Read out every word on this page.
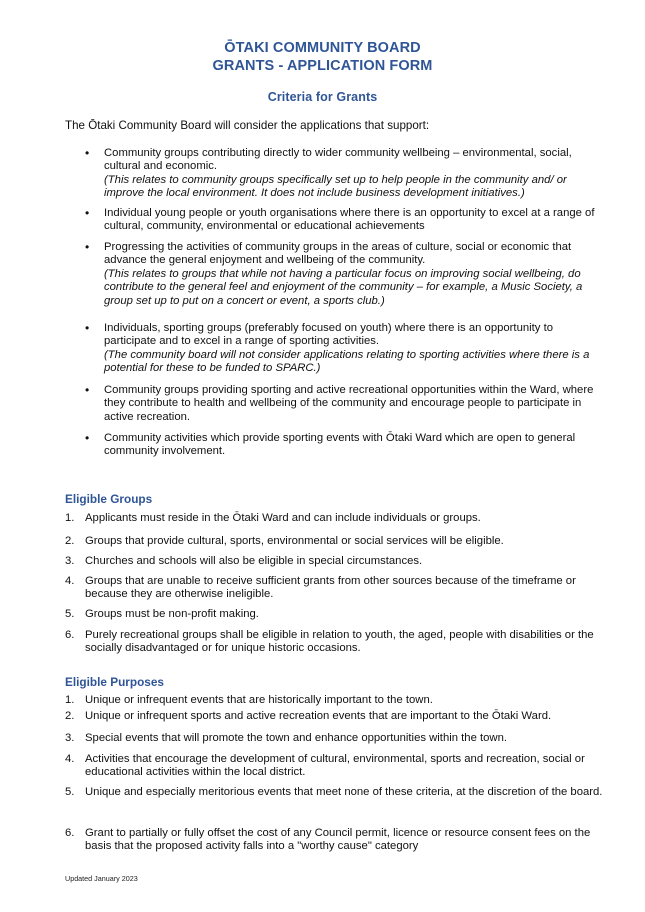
ŌTAKI COMMUNITY BOARD
GRANTS - APPLICATION FORM
Criteria for Grants
The Ōtaki Community Board will consider the applications that support:
• Community groups contributing directly to wider community wellbeing – environmental, social, cultural and economic.
(This relates to community groups specifically set up to help people in the community and/ or improve the local environment. It does not include business development initiatives.)
• Individual young people or youth organisations where there is an opportunity to excel at a range of cultural, community, environmental or educational achievements
• Progressing the activities of community groups in the areas of culture, social or economic that advance the general enjoyment and wellbeing of the community.
(This relates to groups that while not having a particular focus on improving social wellbeing, do contribute to the general feel and enjoyment of the community – for example, a Music Society, a group set up to put on a concert or event, a sports club.)
• Individuals, sporting groups (preferably focused on youth) where there is an opportunity to participate and to excel in a range of sporting activities.
(The community board will not consider applications relating to sporting activities where there is a potential for these to be funded to SPARC.)
• Community groups providing sporting and active recreational opportunities within the Ward, where they contribute to health and wellbeing of the community and encourage people to participate in active recreation.
• Community activities which provide sporting events with Ōtaki Ward which are open to general community involvement.
Eligible Groups
1. Applicants must reside in the Ōtaki Ward and can include individuals or groups.
2. Groups that provide cultural, sports, environmental or social services will be eligible.
3. Churches and schools will also be eligible in special circumstances.
4. Groups that are unable to receive sufficient grants from other sources because of the timeframe or because they are otherwise ineligible.
5. Groups must be non-profit making.
6. Purely recreational groups shall be eligible in relation to youth, the aged, people with disabilities or the socially disadvantaged or for unique historic occasions.
Eligible Purposes
1. Unique or infrequent events that are historically important to the town.
2. Unique or infrequent sports and active recreation events that are important to the Ōtaki Ward.
3. Special events that will promote the town and enhance opportunities within the town.
4. Activities that encourage the development of cultural, environmental, sports and recreation, social or educational activities within the local district.
5. Unique and especially meritorious events that meet none of these criteria, at the discretion of the board.
6. Grant to partially or fully offset the cost of any Council permit, licence or resource consent fees on the basis that the proposed activity falls into a "worthy cause" category
Updated January 2023
